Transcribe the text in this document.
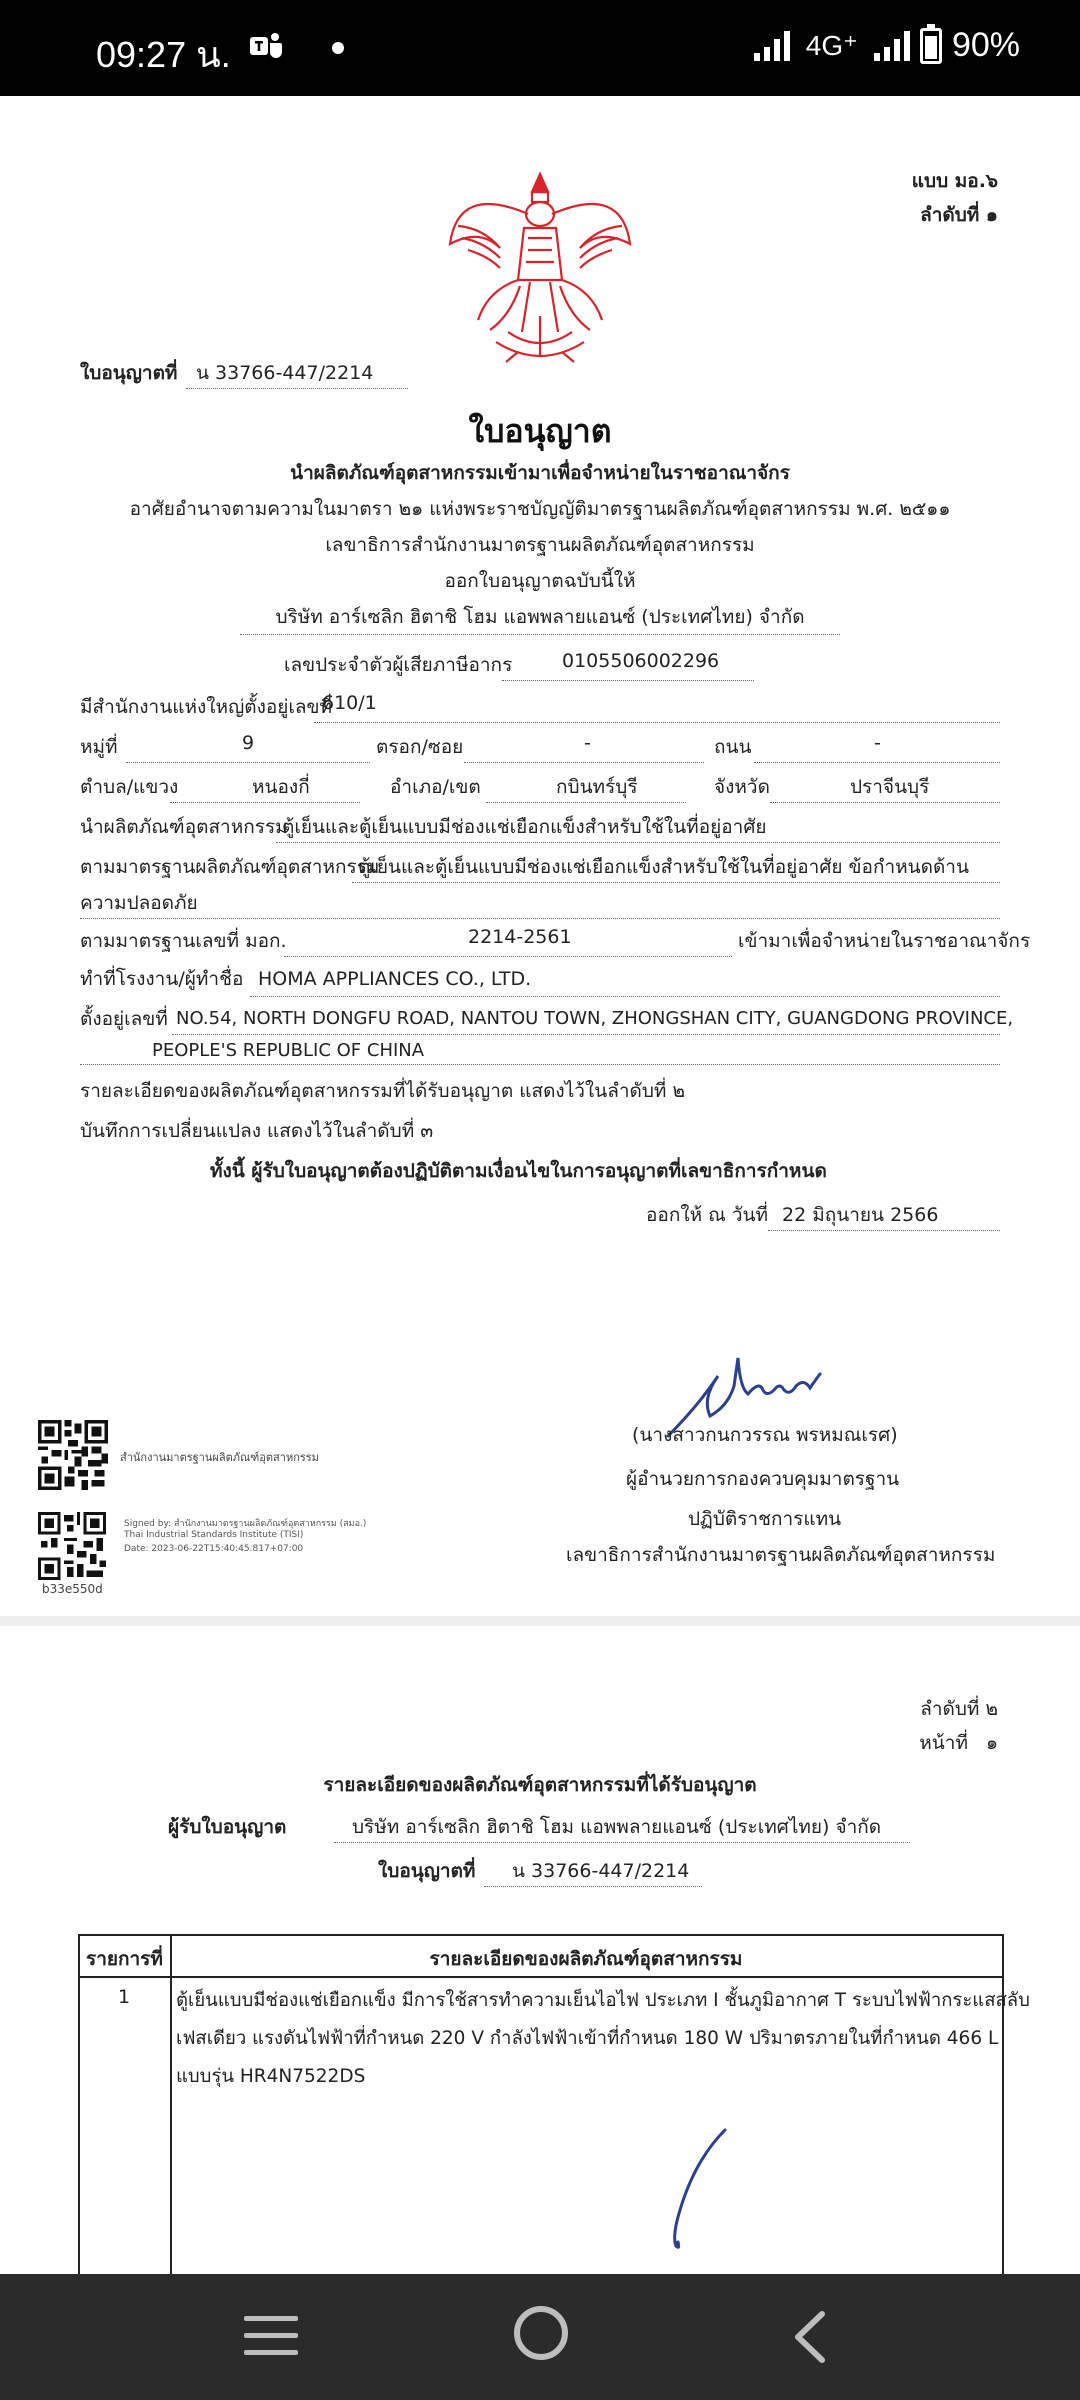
09:27 น.	4G⁺	90%
แบบ มอ.๖
ลำดับที่ ๑
ใบอนุญาตที่ น 33766-447/2214
ใบอนุญาต
นำผลิตภัณฑ์อุตสาหกรรมเข้ามาเพื่อจำหน่ายในราชอาณาจักร
อาศัยอำนาจตามความในมาตรา ๒๑ แห่งพระราชบัญญัติมาตรฐานผลิตภัณฑ์อุตสาหกรรม พ.ศ. ๒๕๑๑
เลขาธิการสำนักงานมาตรฐานผลิตภัณฑ์อุตสาหกรรม
ออกใบอนุญาตฉบับนี้ให้
บริษัท อาร์เซลิก ฮิตาชิ โฮม แอพพลายแอนซ์ (ประเทศไทย) จำกัด
เลขประจำตัวผู้เสียภาษีอากร	0105506002296
มีสำนักงานแห่งใหญ่ตั้งอยู่เลขที่
610/1
หมู่ที่	9	ตรอก/ซอย	-	ถนน	-
ตำบล/แขวง	หนองกี่	อำเภอ/เขต	กบินทร์บุรี	จังหวัด	ปราจีนบุรี
นำผลิตภัณฑ์อุตสาหกรรม
ตู้เย็นและตู้เย็นแบบมีช่องแช่เยือกแข็งสำหรับใช้ในที่อยู่อาศัย
ตามมาตรฐานผลิตภัณฑ์อุตสาหกรรม
ตู้เย็นและตู้เย็นแบบมีช่องแช่เยือกแข็งสำหรับใช้ในที่อยู่อาศัย ข้อกำหนดด้าน
ความปลอดภัย
ตามมาตรฐานเลขที่ มอก.	2214-2561	เข้ามาเพื่อจำหน่ายในราชอาณาจักร
ทำที่โรงงาน/ผู้ทำชื่อ HOMA APPLIANCES CO., LTD.
ตั้งอยู่เลขที่ NO.54, NORTH DONGFU ROAD, NANTOU TOWN, ZHONGSHAN CITY, GUANGDONG PROVINCE,
PEOPLE'S REPUBLIC OF CHINA
รายละเอียดของผลิตภัณฑ์อุตสาหกรรมที่ได้รับอนุญาต แสดงไว้ในลำดับที่ ๒
บันทึกการเปลี่ยนแปลง แสดงไว้ในลำดับที่ ๓
ทั้งนี้ ผู้รับใบอนุญาตต้องปฏิบัติตามเงื่อนไขในการอนุญาตที่เลขาธิการกำหนด
ออกให้ ณ วันที่ 22 มิถุนายน 2566
(นางสาวกนกวรรณ พรหมณเรศ)
ผู้อำนวยการกองควบคุมมาตรฐาน
ปฏิบัติราชการแทน
เลขาธิการสำนักงานมาตรฐานผลิตภัณฑ์อุตสาหกรรม
สำนักงานมาตรฐานผลิตภัณฑ์อุตสาหกรรม
Signed by: สำนักงานมาตรฐานผลิตภัณฑ์อุตสาหกรรม (สมอ.)
Thai Industrial Standards Institute (TISI)
Date: 2023-06-22T15:40:45.817+07:00
b33e550d
ลำดับที่ ๒
หน้าที่ ๑
รายละเอียดของผลิตภัณฑ์อุตสาหกรรมที่ได้รับอนุญาต
ผู้รับใบอนุญาต	บริษัท อาร์เซลิก ฮิตาชิ โฮม แอพพลายแอนซ์ (ประเทศไทย) จำกัด
ใบอนุญาตที่ น 33766-447/2214
รายการที่	รายละเอียดของผลิตภัณฑ์อุตสาหกรรม
1 ตู้เย็นแบบมีช่องแช่เยือกแข็ง มีการใช้สารทำความเย็นไอไฟ ประเภท I ชั้นภูมิอากาศ T ระบบไฟฟ้ากระแสสลับ
เฟสเดียว แรงดันไฟฟ้าที่กำหนด 220 V กำลังไฟฟ้าเข้าที่กำหนด 180 W ปริมาตรภายในที่กำหนด 466 L
แบบรุ่น HR4N7522DS
